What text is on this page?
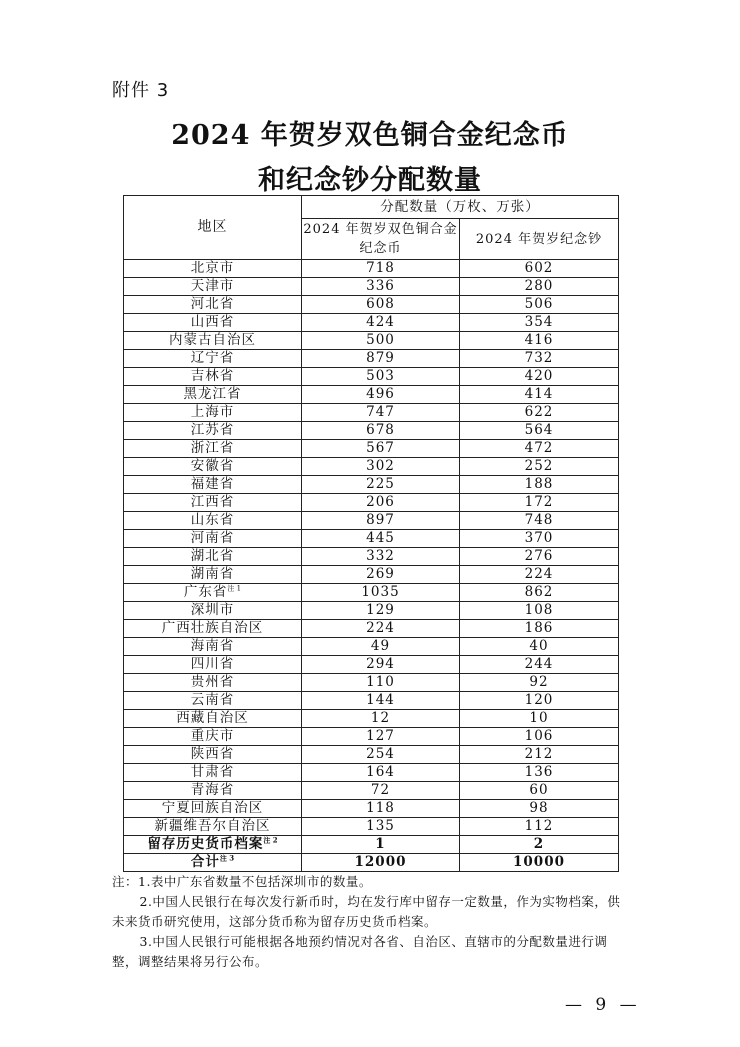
附件 3
2024 年贺岁双色铜合金纪念币
和纪念钞分配数量
地区	分配数量（万枚、万张）	
	2024 年贺岁双色铜合金纪念币	2024 年贺岁纪念钞
北京市	718	602
天津市	336	280
河北省	608	506
山西省	424	354
内蒙古自治区	500	416
辽宁省	879	732
吉林省	503	420
黑龙江省	496	414
上海市	747	622
江苏省	678	564
浙江省	567	472
安徽省	302	252
福建省	225	188
江西省	206	172
山东省	897	748
河南省	445	370
湖北省	332	276
湖南省	269	224
广东省$^{注 1}$	1035	862
深圳市	129	108
广西壮族自治区	224	186
海南省	49	40
四川省	294	244
贵州省	110	92
云南省	144	120
西藏自治区	12	10
重庆市	127	106
陕西省	254	212
甘肃省	164	136
青海省	72	60
宁夏回族自治区	118	98
新疆维吾尔自治区	135	112
留存历史货币档案$^{注 2}$	1	2
合计$^{注 3}$	12000	10000

注：1.表中广东省数量不包括深圳市的数量。

2.中国人民银行在每次发行新币时，均在发行库中留存一定数量，作为实物档案，供未来货币研究使用，这部分货币称为留存历史货币档案。

3.中国人民银行可能根据各地预约情况对各省、自治区、直辖市的分配数量进行调整，调整结果将另行公布。

— 9 —
